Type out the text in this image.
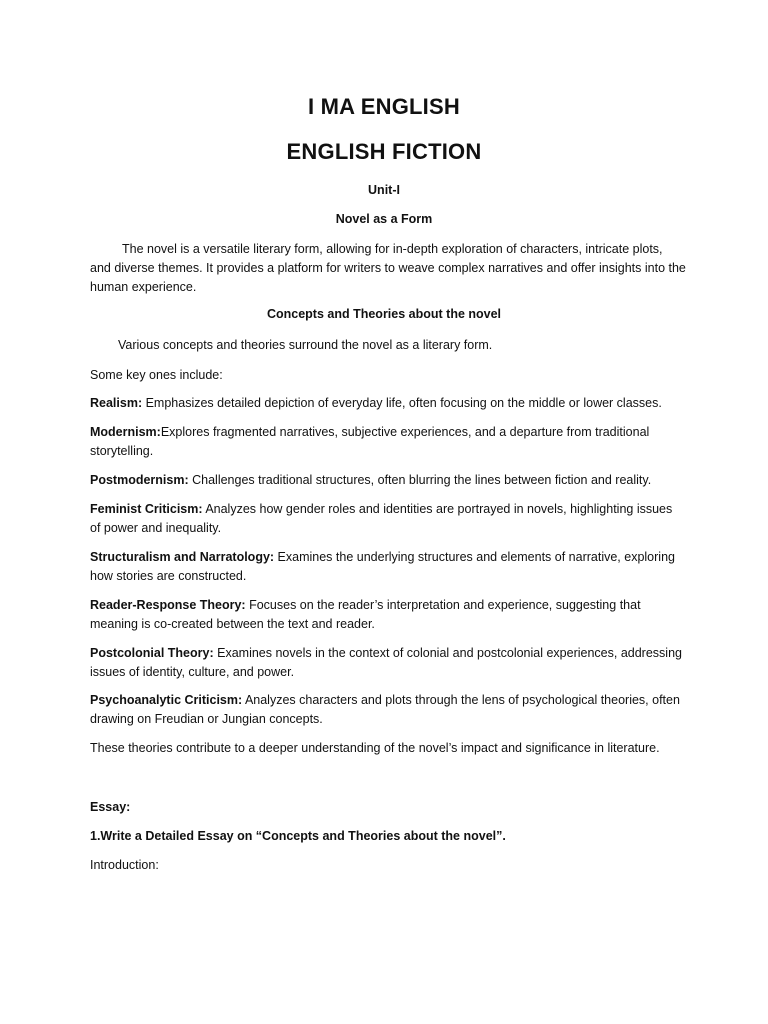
I MA ENGLISH
ENGLISH FICTION
Unit-I
Novel as a Form
The novel is a versatile literary form, allowing for in-depth exploration of characters, intricate plots, and diverse themes. It provides a platform for writers to weave complex narratives and offer insights into the human experience.
Concepts and Theories about the novel
Various concepts and theories surround the novel as a literary form.
Some key ones include:
Realism: Emphasizes detailed depiction of everyday life, often focusing on the middle or lower classes.
Modernism:Explores fragmented narratives, subjective experiences, and a departure from traditional storytelling.
Postmodernism: Challenges traditional structures, often blurring the lines between fiction and reality.
Feminist Criticism: Analyzes how gender roles and identities are portrayed in novels, highlighting issues of power and inequality.
Structuralism and Narratology: Examines the underlying structures and elements of narrative, exploring how stories are constructed.
Reader-Response Theory: Focuses on the reader’s interpretation and experience, suggesting that meaning is co-created between the text and reader.
Postcolonial Theory: Examines novels in the context of colonial and postcolonial experiences, addressing issues of identity, culture, and power.
Psychoanalytic Criticism: Analyzes characters and plots through the lens of psychological theories, often drawing on Freudian or Jungian concepts.
These theories contribute to a deeper understanding of the novel’s impact and significance in literature.
Essay:
1.Write a Detailed Essay on “Concepts and Theories about the novel”.
Introduction:
